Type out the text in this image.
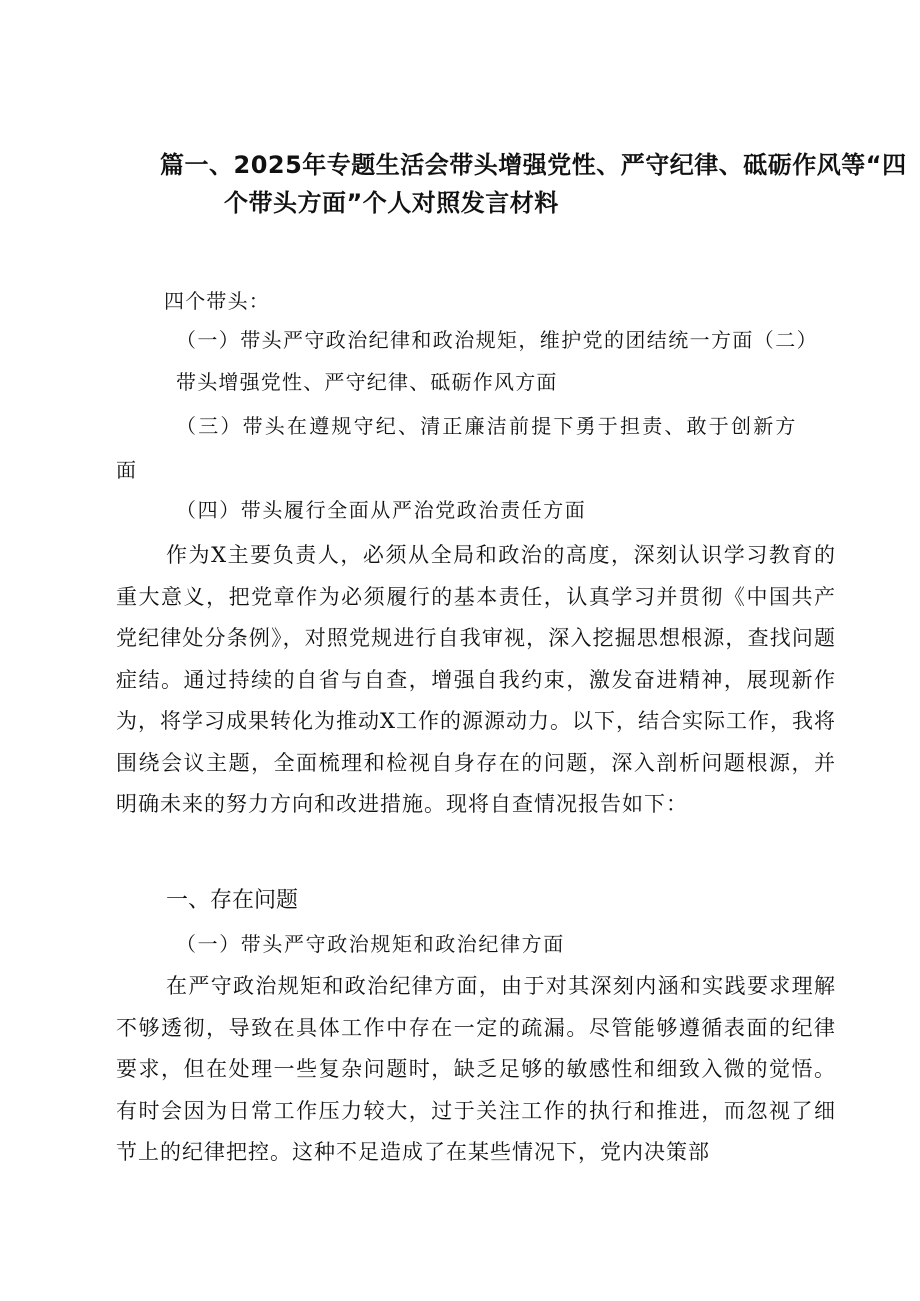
篇一、2025年专题生活会带头增强党性、严守纪律、砥砺作风等“四
个带头方面”个人对照发言材料
四个带头：
（一）带头严守政治纪律和政治规矩，维护党的团结统一方面（二）
带头增强党性、严守纪律、砥砺作风方面
（三）带头在遵规守纪、清正廉洁前提下勇于担责、敢于创新方
面
（四）带头履行全面从严治党政治责任方面
作为X主要负责人，必须从全局和政治的高度，深刻认识学习教育的重大意义，把党章作为必须履行的基本责任，认真学习并贯彻《中国共产党纪律处分条例》，对照党规进行自我审视，深入挖掘思想根源，查找问题症结。通过持续的自省与自查，增强自我约束，激发奋进精神，展现新作为，将学习成果转化为推动X工作的源源动力。以下，结合实际工作，我将围绕会议主题，全面梳理和检视自身存在的问题，深入剖析问题根源，并明确未来的努力方向和改进措施。现将自查情况报告如下：
一、存在问题
（一）带头严守政治规矩和政治纪律方面
在严守政治规矩和政治纪律方面，由于对其深刻内涵和实践要求理解不够透彻，导致在具体工作中存在一定的疏漏。尽管能够遵循表面的纪律要求，但在处理一些复杂问题时，缺乏足够的敏感性和细致入微的觉悟。有时会因为日常工作压力较大，过于关注工作的执行和推进，而忽视了细节上的纪律把控。这种不足造成了在某些情况下，党内决策部
